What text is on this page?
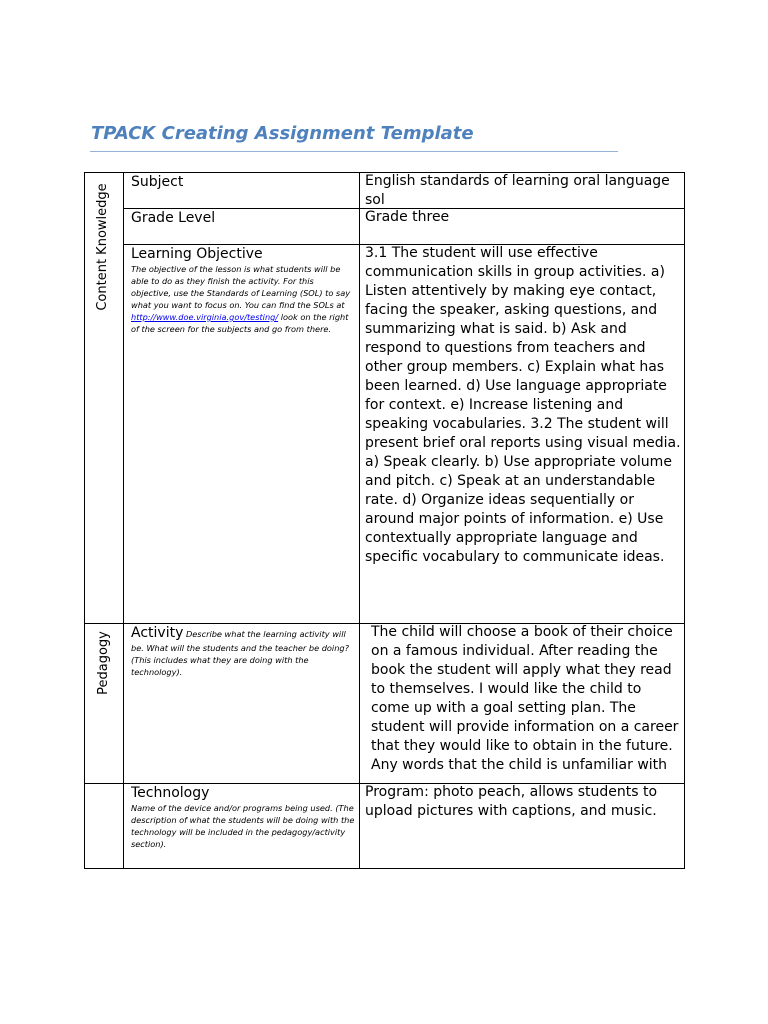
TPACK Creating Assignment Template
Content Knowledge
Pedagogy
Subject	English standards of learning oral language sol
Grade Level	Grade three
Learning Objective
The objective of the lesson is what students will be able to do as they finish the activity. For this objective, use the Standards of Learning (SOL) to say what you want to focus on. You can find the SOLs at http://www.doe.virginia.gov/testing/ look on the right of the screen for the subjects and go from there.
3.1 The student will use effective communication skills in group activities. a) Listen attentively by making eye contact, facing the speaker, asking questions, and summarizing what is said. b) Ask and respond to questions from teachers and other group members. c) Explain what has been learned. d) Use language appropriate for context. e) Increase listening and speaking vocabularies. 3.2 The student will present brief oral reports using visual media. a) Speak clearly. b) Use appropriate volume and pitch. c) Speak at an understandable rate. d) Organize ideas sequentially or around major points of information. e) Use contextually appropriate language and specific vocabulary to communicate ideas.
Activity Describe what the learning activity will be. What will the students and the teacher be doing? (This includes what they are doing with the technology).
The child will choose a book of their choice on a famous individual. After reading the book the student will apply what they read to themselves. I would like the child to come up with a goal setting plan. The student will provide information on a career that they would like to obtain in the future. Any words that the child is unfamiliar with
Technology
Name of the device and/or programs being used. (The description of what the students will be doing with the technology will be included in the pedagogy/activity section).
Program: photo peach, allows students to upload pictures with captions, and music.
